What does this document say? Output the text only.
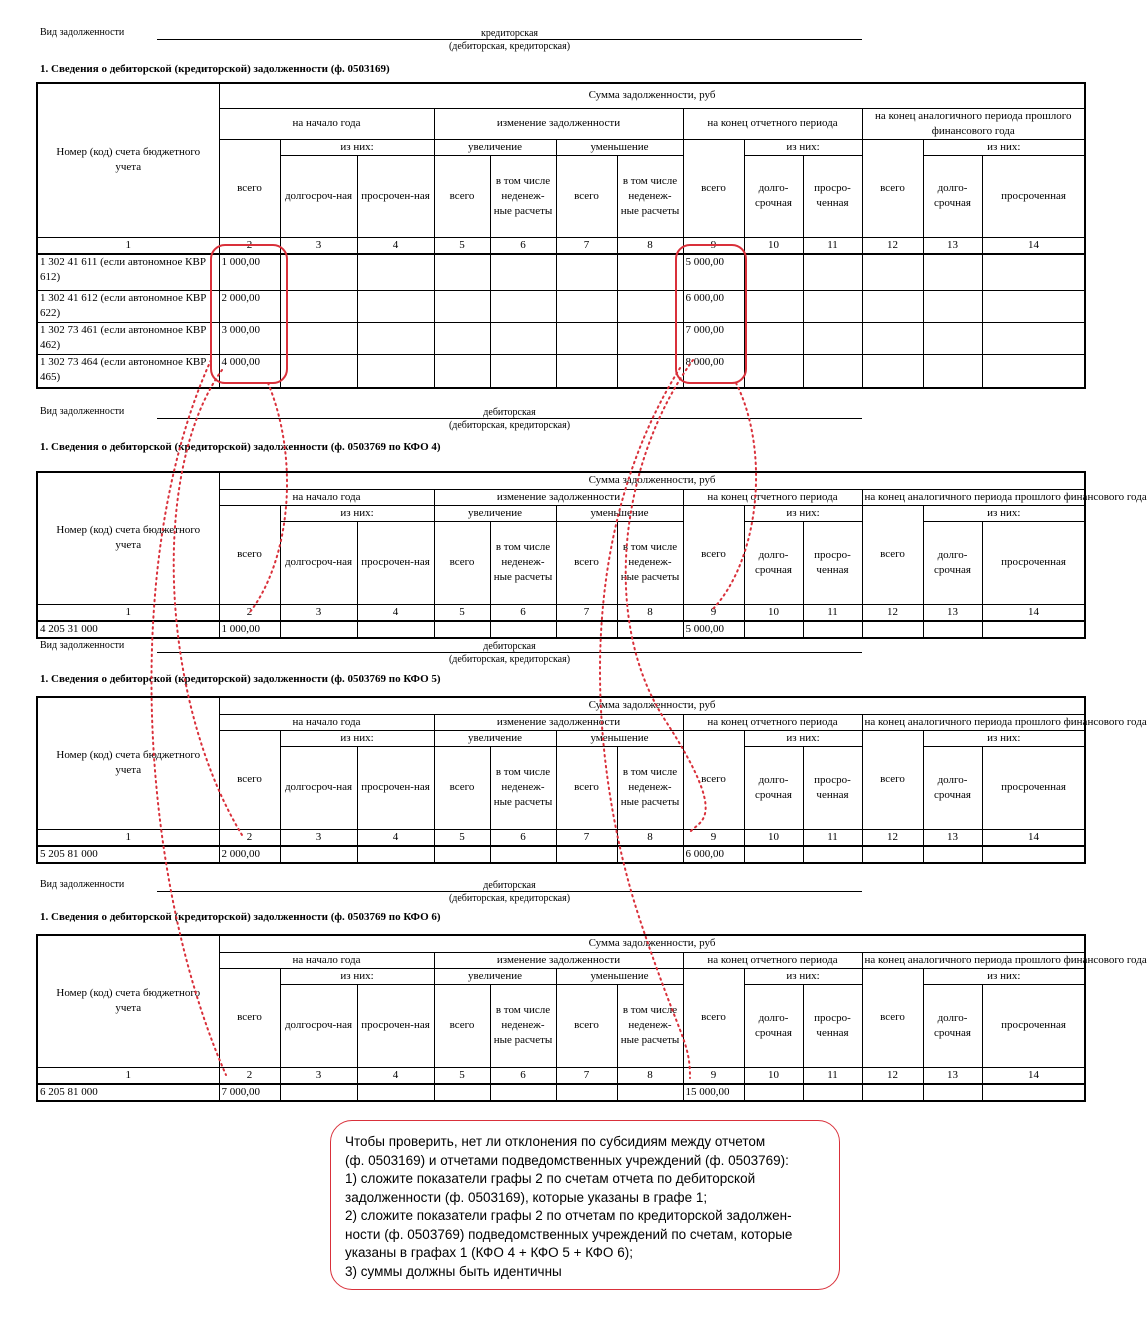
Вид задолженности	кредиторская
(дебиторская, кредиторская)
1. Сведения о дебиторской (кредиторской) задолженности (ф. 0503169)
Номер (код) счета бюджетного учета	Сумма задолженности, руб												
	на начало года			изменение задолженности				на конец отчетного периода			на конец аналогичного периода прошлого финансового года		
	всего	из них:		увеличение		уменьшение		всего	из них:		всего	из них:	
		долгосроч-ная	просрочен-ная	всего	в том числе неденеж-ные расчеты	всего	в том числе неденеж-ные расчеты		долго-срочная	просро-ченная		долго-срочная	просроченная
1	2	3	4	5	6	7	8	9	10	11	12	13	14
1 302 41 611 (если автономное КВР 612)	1 000,00							5 000,00					
1 302 41 612 (если автономное КВР 622)	2 000,00							6 000,00					
1 302 73 461 (если автономное КВР 462)	3 000,00							7 000,00					
1 302 73 464 (если автономное КВР 465)	4 000,00							8 000,00					
Вид задолженности	дебиторская
(дебиторская, кредиторская)
1. Сведения о дебиторской (кредиторской) задолженности (ф. 0503769 по КФО 4)
Номер (код) счета бюджетного учета	Сумма задолженности, руб												
	на начало года			изменение задолженности				на конец отчетного периода			на конец аналогичного периода прошлого финансового года		
	всего	из них:		увеличение		уменьшение		всего	из них:		всего	из них:	
		долгосроч-ная	просрочен-ная	всего	в том числе неденеж-ные расчеты	всего	в том числе неденеж-ные расчеты		долго-срочная	просро-ченная		долго-срочная	просроченная
1	2	3	4	5	6	7	8	9	10	11	12	13	14
4 205 31 000	1 000,00							5 000,00					
Вид задолженности	дебиторская
(дебиторская, кредиторская)
1. Сведения о дебиторской (кредиторской) задолженности (ф. 0503769 по КФО 5)
Номер (код) счета бюджетного учета	Сумма задолженности, руб												
	на начало года			изменение задолженности				на конец отчетного периода			на конец аналогичного периода прошлого финансового года		
	всего	из них:		увеличение		уменьшение		всего	из них:		всего	из них:	
		долгосроч-ная	просрочен-ная	всего	в том числе неденеж-ные расчеты	всего	в том числе неденеж-ные расчеты		долго-срочная	просро-ченная		долго-срочная	просроченная
1	2	3	4	5	6	7	8	9	10	11	12	13	14
5 205 81 000	2 000,00							6 000,00					
Вид задолженности	дебиторская
(дебиторская, кредиторская)
1. Сведения о дебиторской (кредиторской) задолженности (ф. 0503769 по КФО 6)
Номер (код) счета бюджетного учета	Сумма задолженности, руб												
	на начало года			изменение задолженности				на конец отчетного периода			на конец аналогичного периода прошлого финансового года		
	всего	из них:		увеличение		уменьшение		всего	из них:		всего	из них:	
		долгосроч-ная	просрочен-ная	всего	в том числе неденеж-ные расчеты	всего	в том числе неденеж-ные расчеты		долго-срочная	просро-ченная		долго-срочная	просроченная
1	2	3	4	5	6	7	8	9	10	11	12	13	14
6 205 81 000	7 000,00							15 000,00					
Чтобы проверить, нет ли отклонения по субсидиям между отчетом
(ф. 0503169) и отчетами подведомственных учреждений (ф. 0503769):
1) сложите показатели графы 2 по счетам отчета по дебиторской
задолженности (ф. 0503169), которые указаны в графе 1;
2) сложите показатели графы 2 по отчетам по кредиторской задолжен-
ности (ф. 0503769) подведомственных учреждений по счетам, которые
указаны в графах 1 (КФО 4 + КФО 5 + КФО 6);
3) суммы должны быть идентичны
